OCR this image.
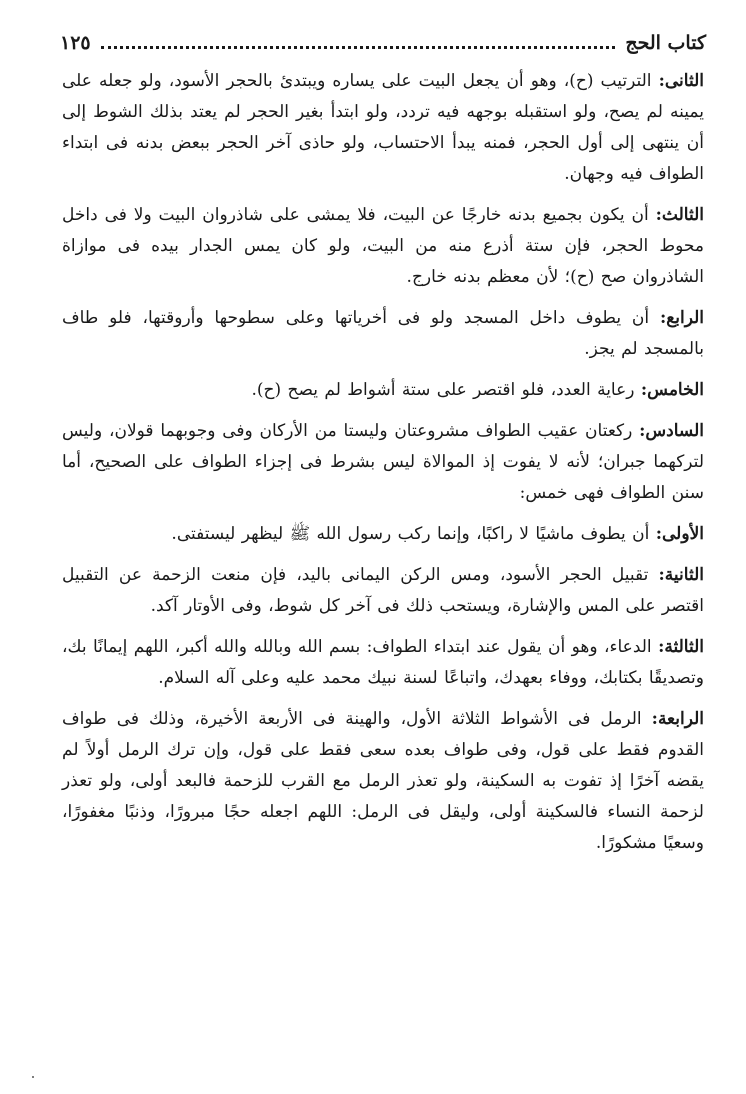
كتاب الحج
١٢٥

الثانى: الترتيب (ح)، وهو أن يجعل البيت على يساره ويبتدئ بالحجر الأسود، ولو جعله على يمينه لم يصح، ولو استقبله بوجهه فيه تردد، ولو ابتدأ بغير الحجر لم يعتد بذلك الشوط إلى أن ينتهى إلى أول الحجر، فمنه يبدأ الاحتساب، ولو حاذى آخر الحجر ببعض بدنه فى ابتداء الطواف فيه وجهان.

الثالث: أن يكون بجميع بدنه خارجًا عن البيت، فلا يمشى على شاذروان البيت ولا فى داخل محوط الحجر، فإن ستة أذرع منه من البيت، ولو كان يمس الجدار بيده فى موازاة الشاذروان صح (ح)؛ لأن معظم بدنه خارج.

الرابع: أن يطوف داخل المسجد ولو فى أخرياتها وعلى سطوحها وأروقتها، فلو طاف بالمسجد لم يجز.

الخامس: رعاية العدد، فلو اقتصر على ستة أشواط لم يصح (ح).

السادس: ركعتان عقيب الطواف مشروعتان وليستا من الأركان وفى وجوبهما قولان، وليس لتركهما جبران؛ لأنه لا يفوت إذ الموالاة ليس بشرط فى إجزاء الطواف على الصحيح، أما سنن الطواف فهى خمس:

الأولى: أن يطوف ماشيًا لا راكبًا، وإنما ركب رسول الله ﷺ ليظهر ليستفتى.

الثانية: تقبيل الحجر الأسود، ومس الركن اليمانى باليد، فإن منعت الزحمة عن التقبيل اقتصر على المس والإشارة، ويستحب ذلك فى آخر كل شوط، وفى الأوتار آكد.

الثالثة: الدعاء، وهو أن يقول عند ابتداء الطواف: بسم الله وبالله والله أكبر، اللهم إيمانًا بك، وتصديقًا بكتابك، ووفاء بعهدك، واتباعًا لسنة نبيك محمد عليه وعلى آله السلام.

الرابعة: الرمل فى الأشواط الثلاثة الأول، والهينة فى الأربعة الأخيرة، وذلك فى طواف القدوم فقط على قول، وفى طواف بعده سعى فقط على قول، وإن ترك الرمل أولاً لم يقضه آخرًا إذ تفوت به السكينة، ولو تعذر الرمل مع القرب للزحمة فالبعد أولى، ولو تعذر لزحمة النساء فالسكينة أولى، وليقل فى الرمل: اللهم اجعله حجًا مبرورًا، وذنبًا مغفورًا، وسعيًا مشكورًا.
